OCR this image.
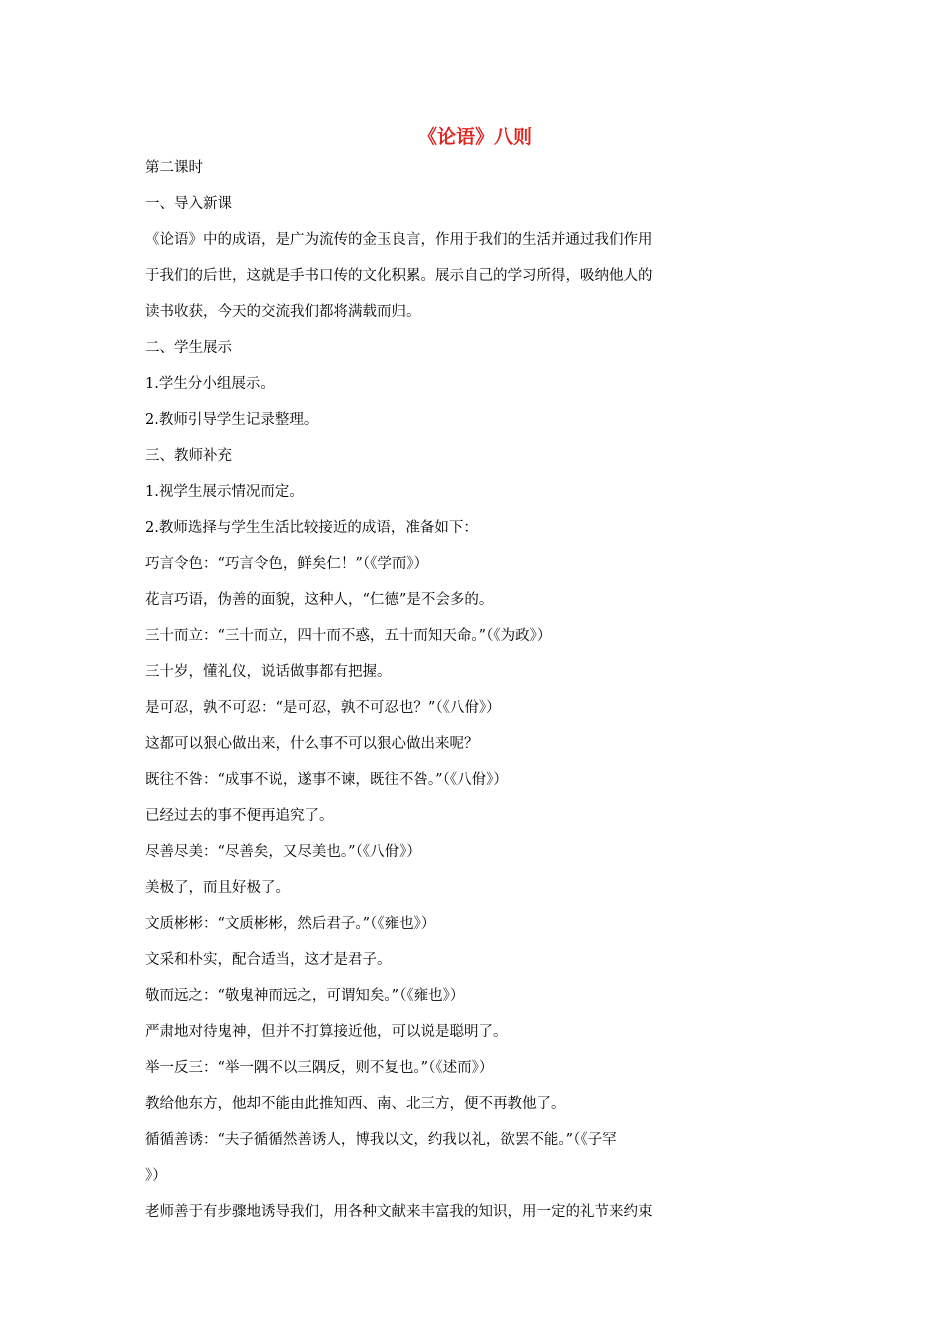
《论语》八则

第二课时

一、导入新课

《论语》中的成语，是广为流传的金玉良言，作用于我们的生活并通过我们作用

于我们的后世，这就是手书口传的文化积累。展示自己的学习所得，吸纳他人的

读书收获，今天的交流我们都将满载而归。

二、学生展示

1.学生分小组展示。

2.教师引导学生记录整理。

三、教师补充

1.视学生展示情况而定。

2.教师选择与学生生活比较接近的成语，准备如下：

巧言令色：“巧言令色，鲜矣仁！”（《学而》）

花言巧语，伪善的面貌，这种人，“仁德”是不会多的。

三十而立：“三十而立，四十而不惑，五十而知天命。”（《为政》）

三十岁，懂礼仪，说话做事都有把握。

是可忍，孰不可忍：“是可忍，孰不可忍也？”（《八佾》）

这都可以狠心做出来，什么事不可以狠心做出来呢？

既往不咎：“成事不说，遂事不谏，既往不咎。”（《八佾》）

已经过去的事不便再追究了。

尽善尽美：“尽善矣，又尽美也。”（《八佾》）

美极了，而且好极了。

文质彬彬：“文质彬彬，然后君子。”（《雍也》）

文采和朴实，配合适当，这才是君子。

敬而远之：“敬鬼神而远之，可谓知矣。”（《雍也》）

严肃地对待鬼神，但并不打算接近他，可以说是聪明了。

举一反三：“举一隅不以三隅反，则不复也。”（《述而》）

教给他东方，他却不能由此推知西、南、北三方，便不再教他了。

循循善诱：“夫子循循然善诱人，博我以文，约我以礼，欲罢不能。”（《子罕

》）

老师善于有步骤地诱导我们，用各种文献来丰富我的知识，用一定的礼节来约束
